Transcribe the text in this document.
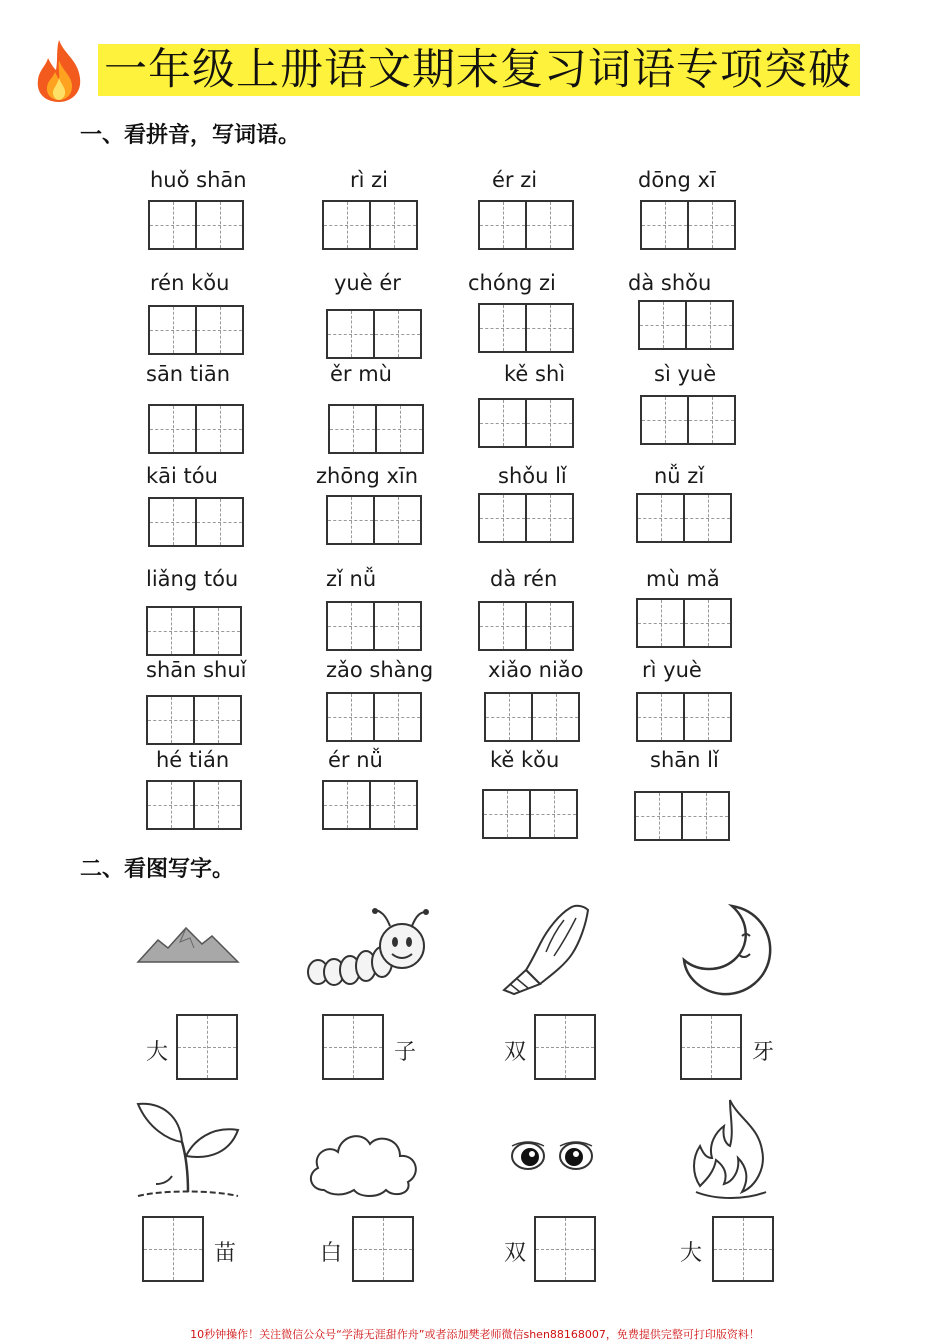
一年级上册语文期末复习词语专项突破
一、看拼音，写词语。
huǒ shān	rì zi	ér zi	dōng xī
rén kǒu	yuè ér	chóng zi	dà shǒu
sān tiān	ěr mù	kě shì	sì yuè
kāi tóu	zhōng xīn	shǒu lǐ	nǚ zǐ
liǎng tóu	zǐ nǚ	dà rén	mù mǎ
shān shuǐ	zǎo shàng	xiǎo niǎo	rì yuè
hé tián	ér nǚ	kě kǒu	shān lǐ
二、看图写字。
大	子	双	牙
苗	白	双	大
10秒钟操作！关注微信公众号“学海无涯甜作舟”或者添加樊老师微信shen88168007，免费提供完整可打印版资料！
